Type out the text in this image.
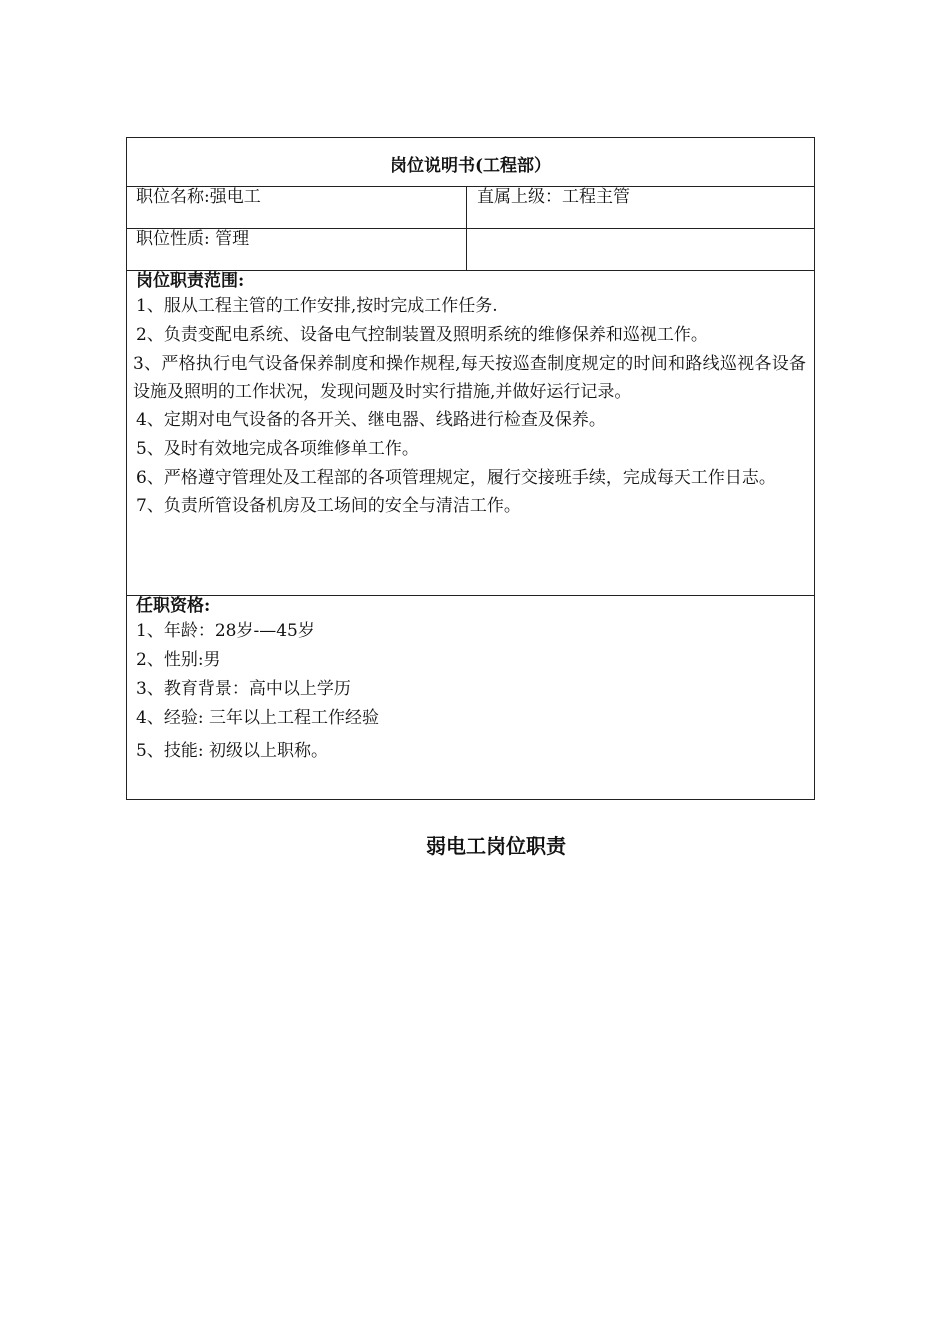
岗位说明书(工程部）
职位名称:强电工	直属上级：工程主管
职位性质: 管理
岗位职责范围:
1、服从工程主管的工作安排,按时完成工作任务.
2、负责变配电系统、设备电气控制装置及照明系统的维修保养和巡视工作。
3、严格执行电气设备保养制度和操作规程,每天按巡查制度规定的时间和路线巡视各设备设施及照明的工作状况，发现问题及时实行措施,并做好运行记录。
4、定期对电气设备的各开关、继电器、线路进行检查及保养。
5、及时有效地完成各项维修单工作。
6、严格遵守管理处及工程部的各项管理规定，履行交接班手续，完成每天工作日志。
7、负责所管设备机房及工场间的安全与清洁工作。
任职资格:
1、年龄：28岁-—45岁
2、性别:男
3、教育背景：高中以上学历
4、经验: 三年以上工程工作经验
5、技能: 初级以上职称。
弱电工岗位职责
